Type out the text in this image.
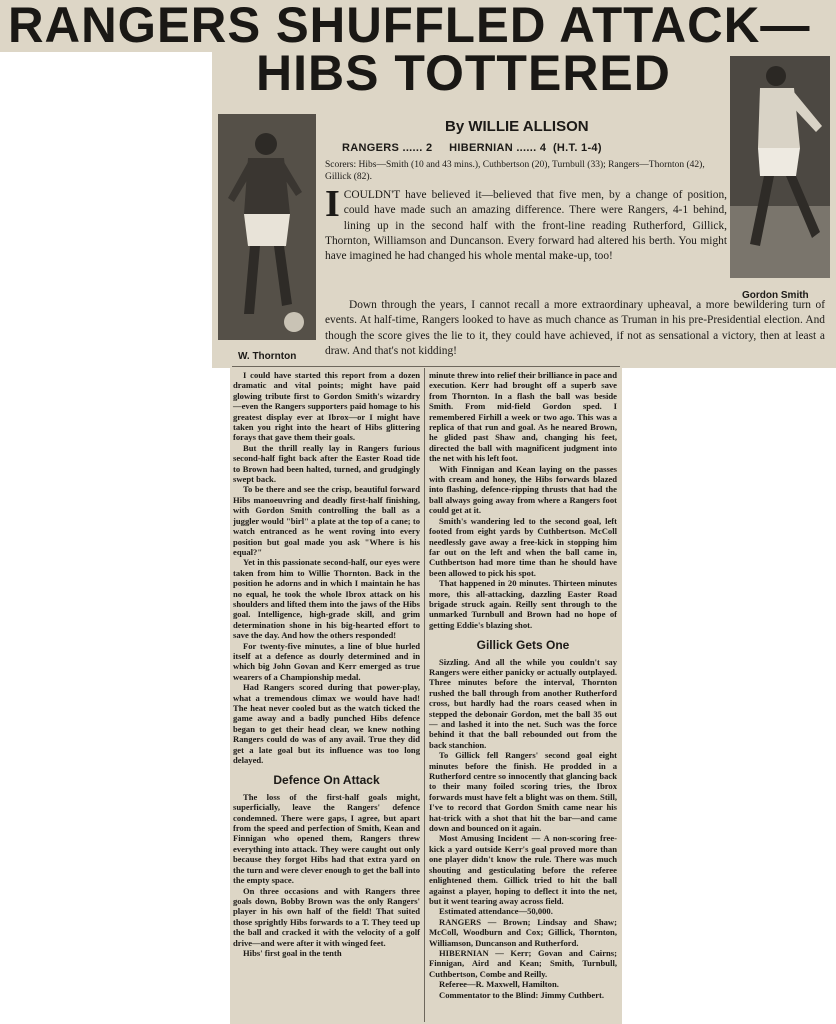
RANGERS SHUFFLED ATTACK—
HIBS TOTTERED
By WILLIE ALLISON
W. Thornton
Gordon Smith
RANGERS ...... 2 HIBERNIAN ...... 4 (H.T. 1-4)
Scorers: Hibs—Smith (10 and 43 mins.), Cuthbertson (20), Turnbull (33); Rangers—Thornton (42), Gillick (82).
I COULDN'T have believed it—believed that five men, by a change of position, could have made such an amazing difference. There were Rangers, 4-1 behind, lining up in the second half with the front-line reading Rutherford, Gillick, Thornton, Williamson and Duncanson. Every forward had altered his berth. You might have imagined he had changed his whole mental make-up, too!
Down through the years, I cannot recall a more extraordinary upheaval, a more bewildering turn of events. At half-time, Rangers looked to have as much chance as Truman in his pre-Presidential election. And though the score gives the lie to it, they could have achieved, if not as sensational a victory, then at least a draw. And that's not kidding!

I could have started this report from a dozen dramatic and vital points; might have paid glowing tribute first to Gordon Smith's wizardry—even the Rangers supporters paid homage to his greatest display ever at Ibrox—or I might have taken you right into the heart of Hibs glittering forays that gave them their goals.

But the thrill really lay in Rangers furious second-half fight back after the Easter Road tide to Brown had been halted, turned, and grudgingly swept back.

To be there and see the crisp, beautiful forward Hibs manoeuvring and deadly first-half finishing, with Gordon Smith controlling the ball as a juggler would "birl" a plate at the top of a cane; to watch entranced as he went roving into every position but goal made you ask "Where is his equal?"

Yet in this passionate second-half, our eyes were taken from him to Willie Thornton. Back in the position he adorns and in which I maintain he has no equal, he took the whole Ibrox attack on his shoulders and lifted them into the jaws of the Hibs goal. Intelligence, high-grade skill, and grim determination shone in his big-hearted effort to save the day. And how the others responded!

For twenty-five minutes, a line of blue hurled itself at a defence as dourly determined and in which big John Govan and Kerr emerged as true wearers of a Championship medal.

Had Rangers scored during that power-play, what a tremendous climax we would have had! The heat never cooled but as the watch ticked the game away and a badly punched Hibs defence began to get their head clear, we knew nothing Rangers could do was of any avail. True they did get a late goal but its influence was too long delayed.

Defence On Attack

The loss of the first-half goals might, superficially, leave the Rangers' defence condemned. There were gaps, I agree, but apart from the speed and perfection of Smith, Kean and Finnigan who opened them, Rangers threw everything into attack. They were caught out only because they forgot Hibs had that extra yard on the turn and were clever enough to get the ball into the empty space.

On three occasions and with Rangers three goals down, Bobby Brown was the only Rangers' player in his own half of the field! That suited those sprightly Hibs forwards to a T. They teed up the ball and cracked it with the velocity of a golf drive—and were after it with winged feet.

Hibs' first goal in the tenth

minute threw into relief their brilliance in pace and execution. Kerr had brought off a superb save from Thornton. In a flash the ball was beside Smith. From mid-field Gordon sped. I remembered Firhill a week or two ago. This was a replica of that run and goal. As he neared Brown, he glided past Shaw and, changing his feet, directed the ball with magnificent judgment into the net with his left foot.

With Finnigan and Kean laying on the passes with cream and honey, the Hibs forwards blazed into flashing, defence-ripping thrusts that had the ball always going away from where a Rangers foot could get at it.

Smith's wandering led to the second goal, left footed from eight yards by Cuthbertson. McColl needlessly gave away a free-kick in stopping him far out on the left and when the ball came in, Cuthbertson had more time than he should have been allowed to pick his spot.

That happened in 20 minutes. Thirteen minutes more, this all-attacking, dazzling Easter Road brigade struck again. Reilly sent through to the unmarked Turnbull and Brown had no hope of getting Eddie's blazing shot.

Gillick Gets One

Sizzling. And all the while you couldn't say Rangers were either panicky or actually outplayed. Three minutes before the interval, Thornton rushed the ball through from another Rutherford cross, but hardly had the roars ceased when in stepped the debonair Gordon, met the ball 35 out — and lashed it into the net. Such was the force behind it that the ball rebounded out from the back stanchion.

To Gillick fell Rangers' second goal eight minutes before the finish. He prodded in a Rutherford centre so innocently that glancing back to their many foiled scoring tries, the Ibrox forwards must have felt a blight was on them. Still, I've to record that Gordon Smith came near his hat-trick with a shot that hit the bar—and came down and bounced on it again.

Most Amusing Incident — A non-scoring free-kick a yard outside Kerr's goal proved more than one player didn't know the rule. There was much shouting and gesticulating before the referee enlightened them. Gillick tried to hit the ball against a player, hoping to deflect it into the net, but it went tearing away across field.

Estimated attendance—50,000.

RANGERS — Brown; Lindsay and Shaw; McColl, Woodburn and Cox; Gillick, Thornton, Williamson, Duncanson and Rutherford.

HIBERNIAN — Kerr; Govan and Cairns; Finnigan, Aird and Kean; Smith, Turnbull, Cuthbertson, Combe and Reilly.

Referee—R. Maxwell, Hamilton.

Commentator to the Blind: Jimmy Cuthbert.
